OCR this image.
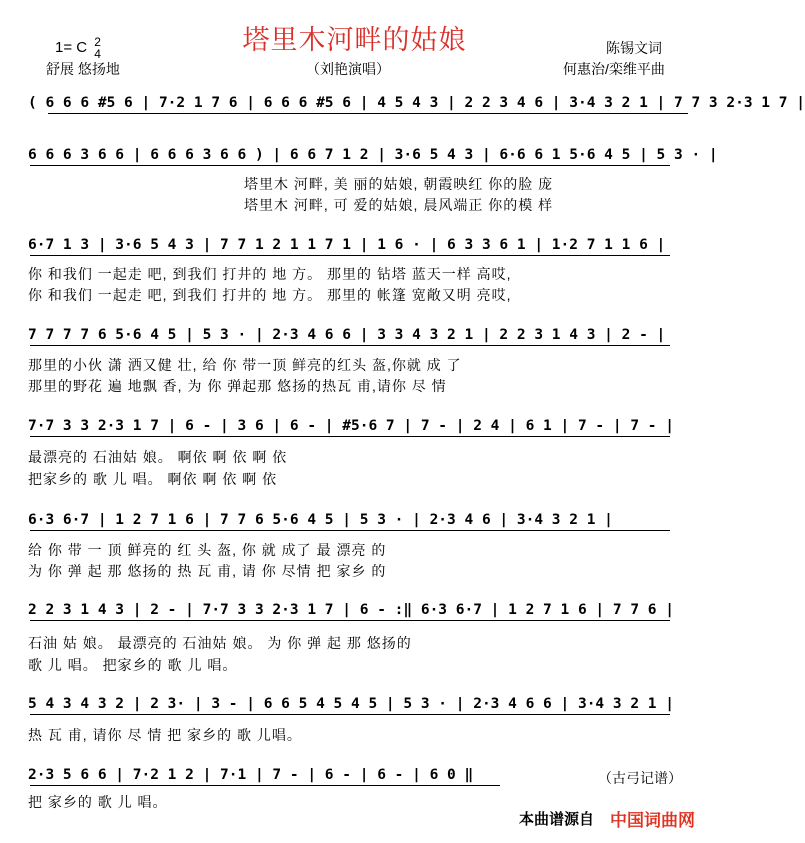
塔里木河畔的姑娘
1= C 2
4
舒展 悠扬地	（刘艳演唱）
陈锡文词
何惠治/栾维平曲
( 6 6 6 #5 6 | 7·2 1 7 6 | 6 6 6 #5 6 | 4 5 4 3 | 2 2 3 4 6 | 3·4 3 2 1 | 7 7 3 2·3 1 7 |
6 6 6 3 6 6 | 6 6 6 3 6 6 ) | 6 6 7 1 2 | 3·6 5 4 3 | 6·6 6 1 5·6 4 5 | 5 3 · |
塔里木 河畔, 美 丽的姑娘, 朝霞映红 你的脸 庞
塔里木 河畔, 可 爱的姑娘, 晨风端正 你的模 样
6·7 1 3 | 3·6 5 4 3 | 7 7 1 2 1 1 7 1 | 1 6 · | 6 3 3 6 1 | 1·2 7 1 1 6 |
你 和我们 一起走 吧, 到我们 打井的 地 方。 那里的 钻塔 蓝天一样 高哎,
你 和我们 一起走 吧, 到我们 打井的 地 方。 那里的 帐篷 宽敞又明 亮哎,
7 7 7 7 6 5·6 4 5 | 5 3 · | 2·3 4 6 6 | 3 3 4 3 2 1 | 2 2 3 1 4 3 | 2 - |
那里的小伙 潇 洒又健 壮, 给 你 带一顶 鲜亮的红头 盔,你就 成 了
那里的野花 遍 地飘 香, 为 你 弹起那 悠扬的热瓦 甫,请你 尽 情
7·7 3 3 2·3 1 7 | 6 - | 3 6 | 6 - | #5·6 7 | 7 - | 2 4 | 6 1 | 7 - | 7 - |
最漂亮的 石油姑 娘。 啊依 啊 依 啊 依
把家乡的 歌 儿 唱。 啊依 啊 依 啊 依
6·3 6·7 | 1 2 7 1 6 | 7 7 6 5·6 4 5 | 5 3 · | 2·3 4 6 | 3·4 3 2 1 |
给 你 带 一 顶 鲜亮的 红 头 盔, 你 就 成了 最 漂亮 的
为 你 弹 起 那 悠扬的 热 瓦 甫, 请 你 尽情 把 家乡 的
2 2 3 1 4 3 | 2 - | 7·7 3 3 2·3 1 7 | 6 - :‖ 6·3 6·7 | 1 2 7 1 6 | 7 7 6 |
石油 姑 娘。 最漂亮的 石油姑 娘。 为 你 弹 起 那 悠扬的
歌 儿 唱。 把家乡的 歌 儿 唱。
5 4 3 4 3 2 | 2 3· | 3 - | 6 6 5 4 5 4 5 | 5 3 · | 2·3 4 6 6 | 3·4 3 2 1 |
热 瓦 甫, 请你 尽 情 把 家乡的 歌 儿唱。
2·3 5 6 6 | 7·2 1 2 | 7·1 | 7 - | 6 - | 6 - | 6 0 ‖
把 家乡的 歌 儿 唱。
（古弓记谱）
本曲谱源自 中国词曲网
